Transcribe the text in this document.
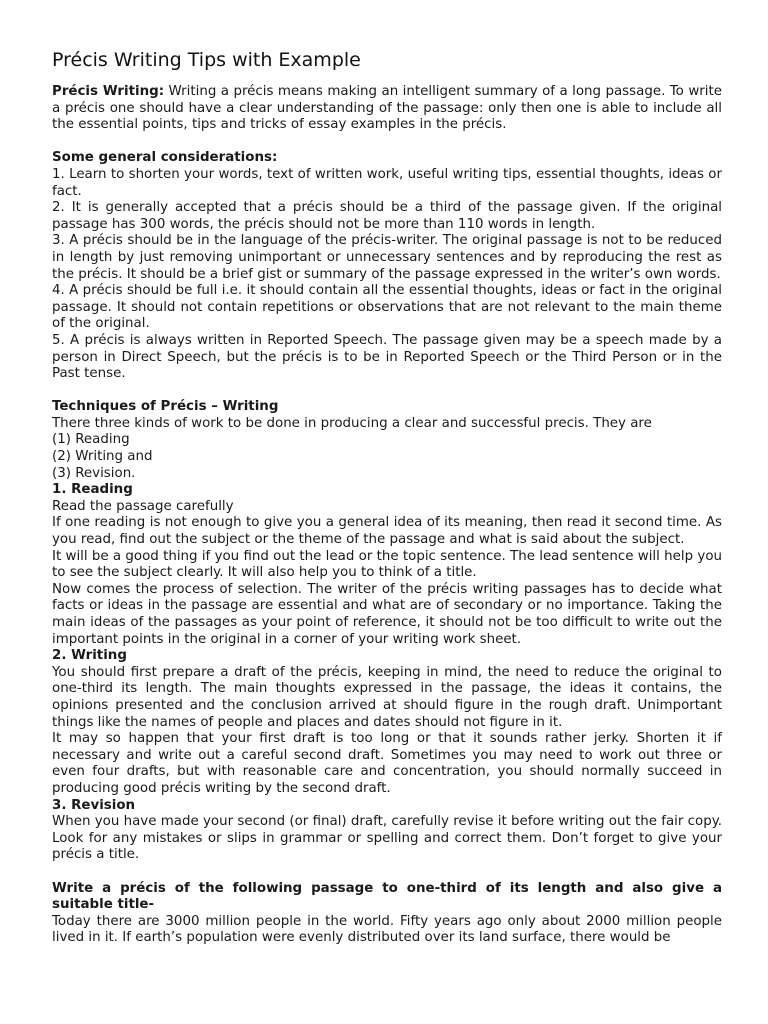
Précis Writing Tips with Example

Précis Writing: Writing a précis means making an intelligent summary of a long passage. To write a précis one should have a clear understanding of the passage: only then one is able to include all the essential points, tips and tricks of essay examples in the précis.

Some general considerations:

1. Learn to shorten your words, text of written work, useful writing tips, essential thoughts, ideas or fact.

2. It is generally accepted that a précis should be a third of the passage given. If the original passage has 300 words, the précis should not be more than 110 words in length.

3. A précis should be in the language of the précis-writer. The original passage is not to be reduced in length by just removing unimportant or unnecessary sentences and by reproducing the rest as the précis. It should be a brief gist or summary of the passage expressed in the writer’s own words.

4. A précis should be full i.e. it should contain all the essential thoughts, ideas or fact in the original passage. It should not contain repetitions or observations that are not relevant to the main theme of the original.

5. A précis is always written in Reported Speech. The passage given may be a speech made by a person in Direct Speech, but the précis is to be in Reported Speech or the Third Person or in the Past tense.

Techniques of Précis – Writing

There three kinds of work to be done in producing a clear and successful precis. They are

(1) Reading

(2) Writing and

(3) Revision.

1. Reading

Read the passage carefully

If one reading is not enough to give you a general idea of its meaning, then read it second time. As you read, find out the subject or the theme of the passage and what is said about the subject.

It will be a good thing if you find out the lead or the topic sentence. The lead sentence will help you to see the subject clearly. It will also help you to think of a title.

Now comes the process of selection. The writer of the précis writing passages has to decide what facts or ideas in the passage are essential and what are of secondary or no importance. Taking the main ideas of the passages as your point of reference, it should not be too difficult to write out the important points in the original in a corner of your writing work sheet.

2. Writing

You should first prepare a draft of the précis, keeping in mind, the need to reduce the original to one-third its length. The main thoughts expressed in the passage, the ideas it contains, the opinions presented and the conclusion arrived at should figure in the rough draft. Unimportant things like the names of people and places and dates should not figure in it.

It may so happen that your first draft is too long or that it sounds rather jerky. Shorten it if necessary and write out a careful second draft. Sometimes you may need to work out three or even four drafts, but with reasonable care and concentration, you should normally succeed in producing good précis writing by the second draft.

3. Revision

When you have made your second (or final) draft, carefully revise it before writing out the fair copy. Look for any mistakes or slips in grammar or spelling and correct them. Don’t forget to give your précis a title.

Write a précis of the following passage to one-third of its length and also give a suitable title-

Today there are 3000 million people in the world. Fifty years ago only about 2000 million people lived in it. If earth’s population were evenly distributed over its land surface, there would be
